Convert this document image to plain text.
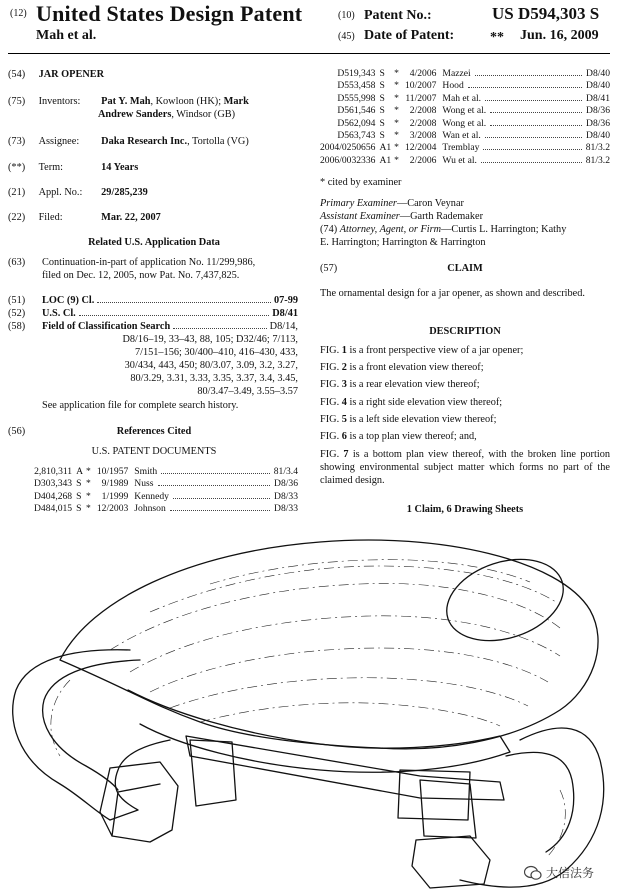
(12) United States Design Patent
Mah et al.
(10) Patent No.:	US D594,303 S
(45) Date of Patent:	** Jun. 16, 2009
(54) JAR OPENER
(75) Inventors: Pat Y. Mah, Kowloon (HK); Mark
Andrew Sanders, Windsor (GB)
(73) Assignee: Daka Research Inc., Tortolla (VG)
(**) Term:	14 Years
(21) Appl. No.: 29/285,239
(22) Filed:	Mar. 22, 2007
Related U.S. Application Data
(63)	Continuation-in-part of application No. 11/299,986,
filed on Dec. 12, 2005, now Pat. No. 7,437,825.
(51)	LOC (9) Cl.	07-99
(52)	U.S. Cl.	D8/41
(58)	Field of Classification Search	D8/14,
D8/16–19, 33–43, 88, 105; D32/46; 7/113,
7/151–156; 30/400–410, 416–430, 433,
30/434, 443, 450; 80/3.07, 3.09, 3.2, 3.27,
80/3.29, 3.31, 3.33, 3.35, 3.37, 3.4, 3.45,
80/3.47–3.49, 3.55–3.57
See application file for complete search history.
(56)	References Cited
U.S. PATENT DOCUMENTS
2,810,311	A	*	10/1957	Smith	81/3.4
D303,343	S	*	9/1989	Nuss	D8/36
D404,268	S	*	1/1999	Kennedy	D8/33
D484,015	S	*	12/2003	Johnson	D8/33
D519,343	S	*	4/2006	Mazzei	D8/40
D553,458	S	*	10/2007	Hood	D8/40
D555,998	S	*	11/2007	Mah et al.	D8/41
D561,546	S	*	2/2008	Wong et al.	D8/36
D562,094	S	*	2/2008	Wong et al.	D8/36
D563,743	S	*	3/2008	Wan et al.	D8/40
2004/0250656	A1	*	12/2004	Tremblay	81/3.2
2006/0032336	A1	*	2/2006	Wu et al.	81/3.2
* cited by examiner
Primary Examiner—Caron Veynar
Assistant Examiner—Garth Rademaker
(74) Attorney, Agent, or Firm—Curtis L. Harrington; Kathy
E. Harrington; Harrington & Harrington
(57)	CLAIM
The ornamental design for a jar opener, as shown and described.
DESCRIPTION
FIG. 1 is a front perspective view of a jar opener;
FIG. 2 is a front elevation view thereof;
FIG. 3 is a rear elevation view thereof;
FIG. 4 is a right side elevation view thereof;
FIG. 5 is a left side elevation view thereof;
FIG. 6 is a top plan view thereof; and,
FIG. 7 is a bottom plan view thereof, with the broken line portion showing environmental subject matter which forms no part of the claimed design.
1 Claim, 6 Drawing Sheets
大信法务
